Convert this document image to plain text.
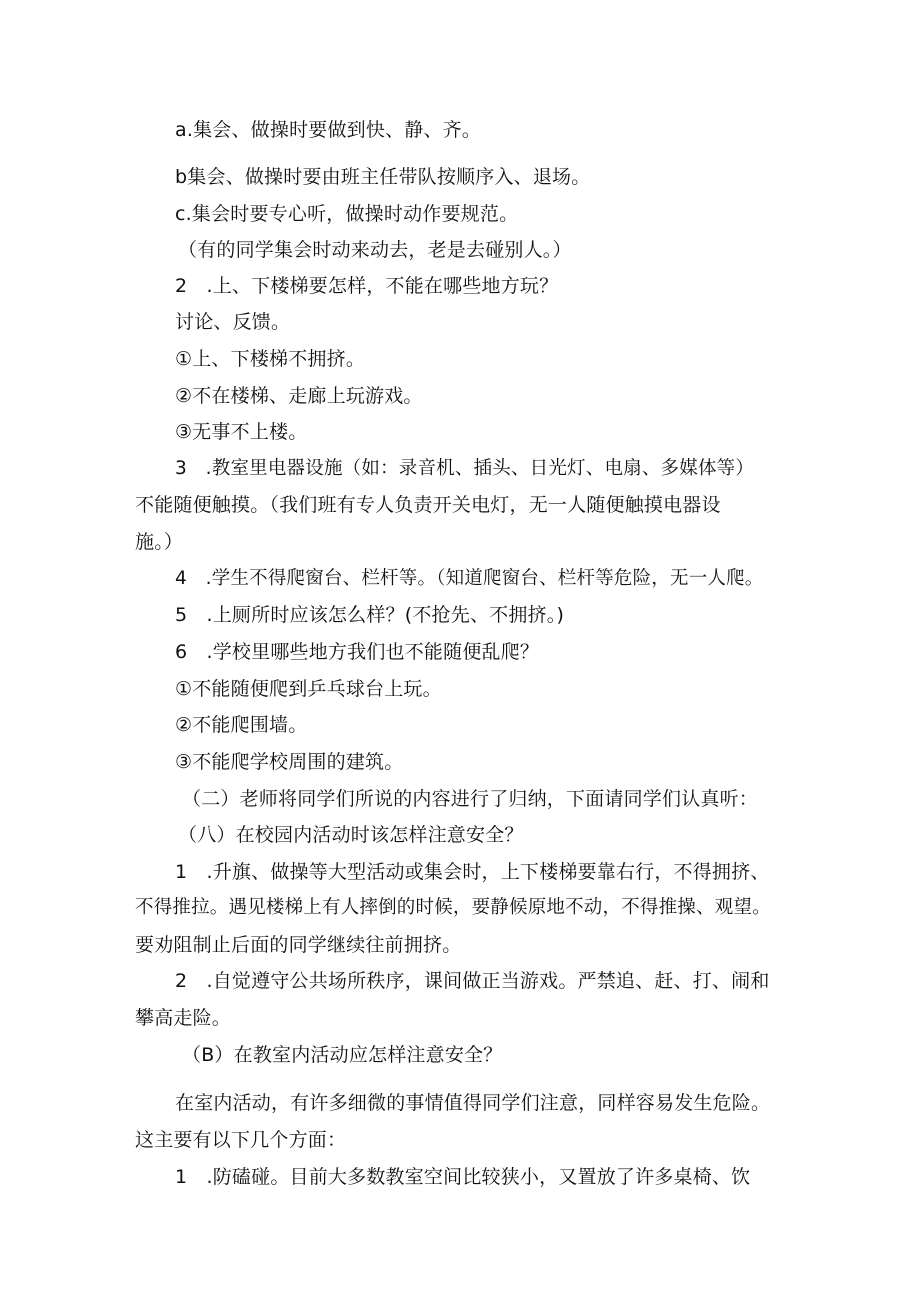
a.集会、做操时要做到快、静、齐。
b集会、做操时要由班主任带队按顺序入、退场。
c.集会时要专心听，做操时动作要规范。
（有的同学集会时动来动去，老是去碰别人。）
2　.上、下楼梯要怎样，不能在哪些地方玩？
讨论、反馈。
①上、下楼梯不拥挤。
②不在楼梯、走廊上玩游戏。
③无事不上楼。
3　.教室里电器设施（如：录音机、插头、日光灯、电扇、多媒体等）
不能随便触摸。（我们班有专人负责开关电灯，无一人随便触摸电器设
施。）
4　.学生不得爬窗台、栏杆等。（知道爬窗台、栏杆等危险，无一人爬。
5　.上厕所时应该怎么样？(不抢先、不拥挤。)
6　.学校里哪些地方我们也不能随便乱爬？
①不能随便爬到乒乓球台上玩。
②不能爬围墙。
③不能爬学校周围的建筑。
（二）老师将同学们所说的内容进行了归纳，下面请同学们认真听：
（八）在校园内活动时该怎样注意安全？
1　.升旗、做操等大型活动或集会时，上下楼梯要靠右行，不得拥挤、
不得推拉。遇见楼梯上有人摔倒的时候，要静候原地不动，不得推操、观望。
要劝阻制止后面的同学继续往前拥挤。
2　.自觉遵守公共场所秩序，课间做正当游戏。严禁追、赶、打、闹和
攀高走险。
（B）在教室内活动应怎样注意安全？
在室内活动，有许多细微的事情值得同学们注意，同样容易发生危险。
这主要有以下几个方面：
1　.防磕碰。目前大多数教室空间比较狭小，又置放了许多桌椅、饮
